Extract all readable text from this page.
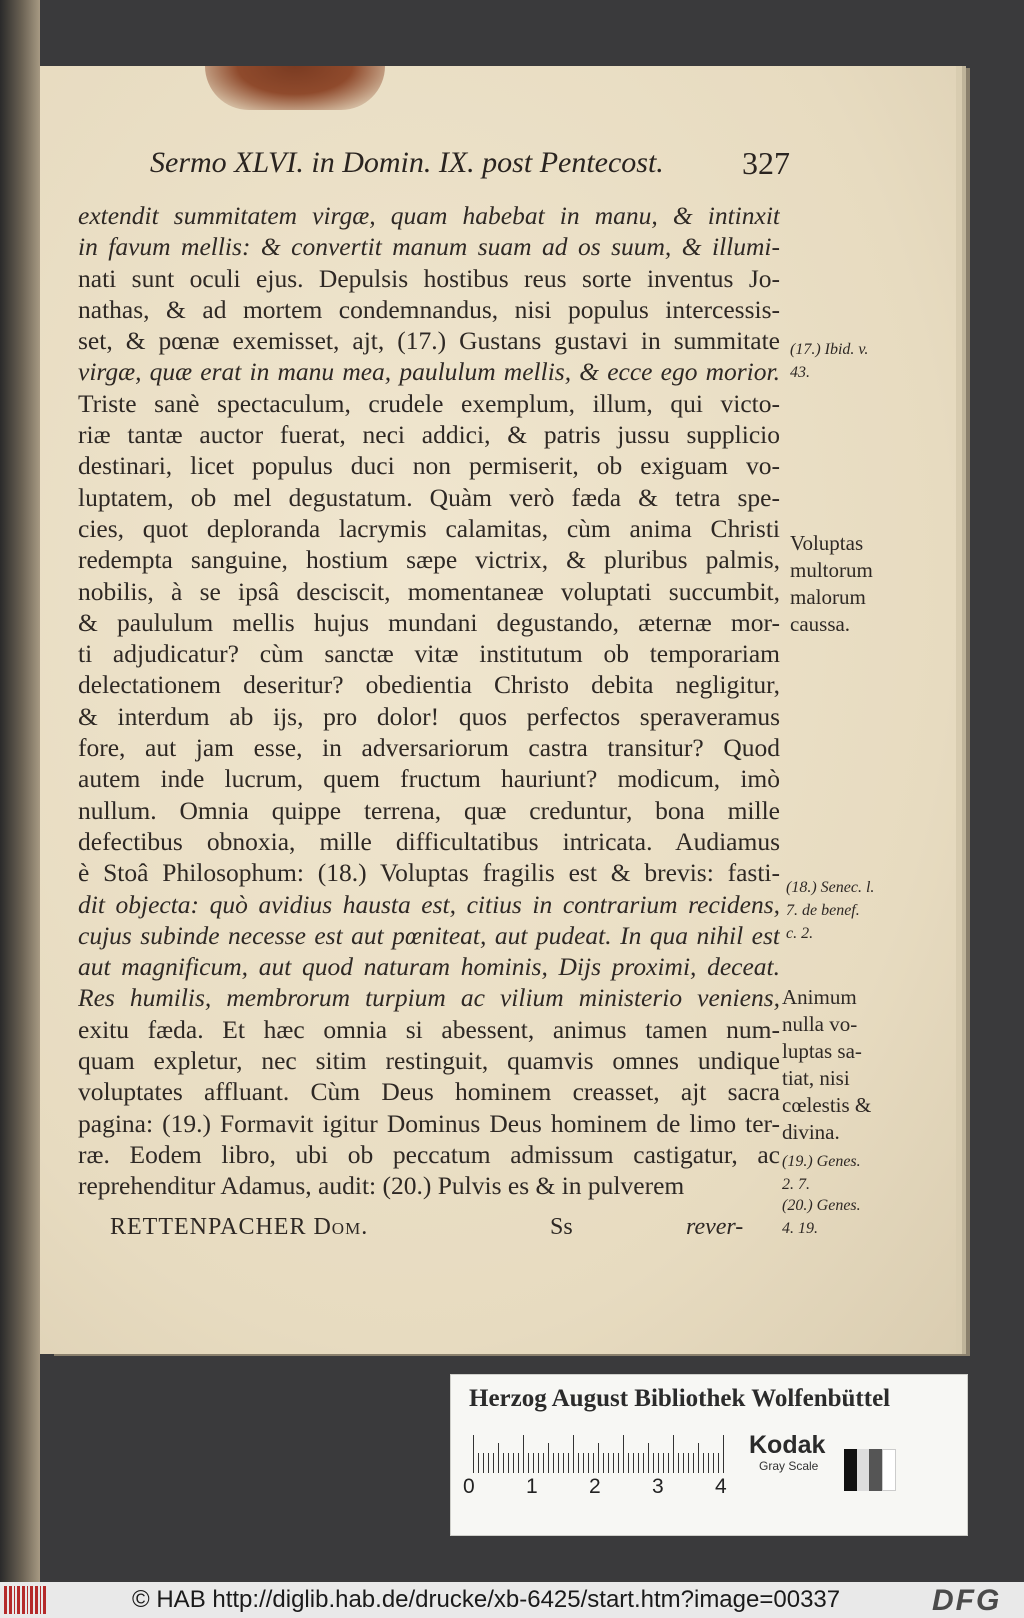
Sermo XLVI. in Domin. IX. post Pentecost. 327
extendit summitatem virgæ, quam habebat in manu, & intinxit
in favum mellis: & convertit manum suam ad os suum, & illumi-
nati sunt oculi ejus. Depulsis hostibus reus sorte inventus Jo-
nathas, & ad mortem condemnandus, nisi populus intercessis-
set, & pœnæ exemisset, ajt, (17.) Gustans gustavi in summitate
virgæ, quæ erat in manu mea, paululum mellis, & ecce ego morior.
Triste sanè spectaculum, crudele exemplum, illum, qui victo-
riæ tantæ auctor fuerat, neci addici, & patris jussu supplicio
destinari, licet populus duci non permiserit, ob exiguam vo-
luptatem, ob mel degustatum. Quàm verò fæda & tetra spe-
cies, quot deploranda lacrymis calamitas, cùm anima Christi
redempta sanguine, hostium sæpe victrix, & pluribus palmis,
nobilis, à se ipsâ desciscit, momentaneæ voluptati succumbit,
& paululum mellis hujus mundani degustando, æternæ mor-
ti adjudicatur? cùm sanctæ vitæ institutum ob temporariam
delectationem deseritur? obedientia Christo debita negligitur,
& interdum ab ijs, pro dolor! quos perfectos speraveramus
fore, aut jam esse, in adversariorum castra transitur? Quod
autem inde lucrum, quem fructum hauriunt? modicum, imò
nullum. Omnia quippe terrena, quæ creduntur, bona mille
defectibus obnoxia, mille difficultatibus intricata. Audiamus
è Stoâ Philosophum: (18.) Voluptas fragilis est & brevis: fasti-
dit objecta: quò avidius hausta est, citius in contrarium recidens,
cujus subinde necesse est aut pœniteat, aut pudeat. In qua nihil est
aut magnificum, aut quod naturam hominis, Dijs proximi, deceat.
Res humilis, membrorum turpium ac vilium ministerio veniens,
exitu fæda. Et hæc omnia si abessent, animus tamen num-
quam expletur, nec sitim restinguit, quamvis omnes undique
voluptates affluant. Cùm Deus hominem creasset, ajt sacra
pagina: (19.) Formavit igitur Dominus Deus hominem de limo ter-
ræ. Eodem libro, ubi ob peccatum admissum castigatur, ac
reprehenditur Adamus, audit: (20.) Pulvis es & in pulverem
RETTENPACHER Dom.	Ss	rever-
(17.) Ibid. v.
43.
Voluptas
multorum
malorum
caussa.
(18.) Senec. l.
7. de benef.
c. 2.
Animum
nulla vo-
luptas sa-
tiat, nisi
cœlestis &
divina.
(19.) Genes.
2. 7.
(20.) Genes.
4. 19.
Herzog August Bibliothek Wolfenbüttel
0 1 2 3 4
Kodak
Gray Scale
© HAB http://diglib.hab.de/drucke/xb-6425/start.htm?image=00337	DFG
